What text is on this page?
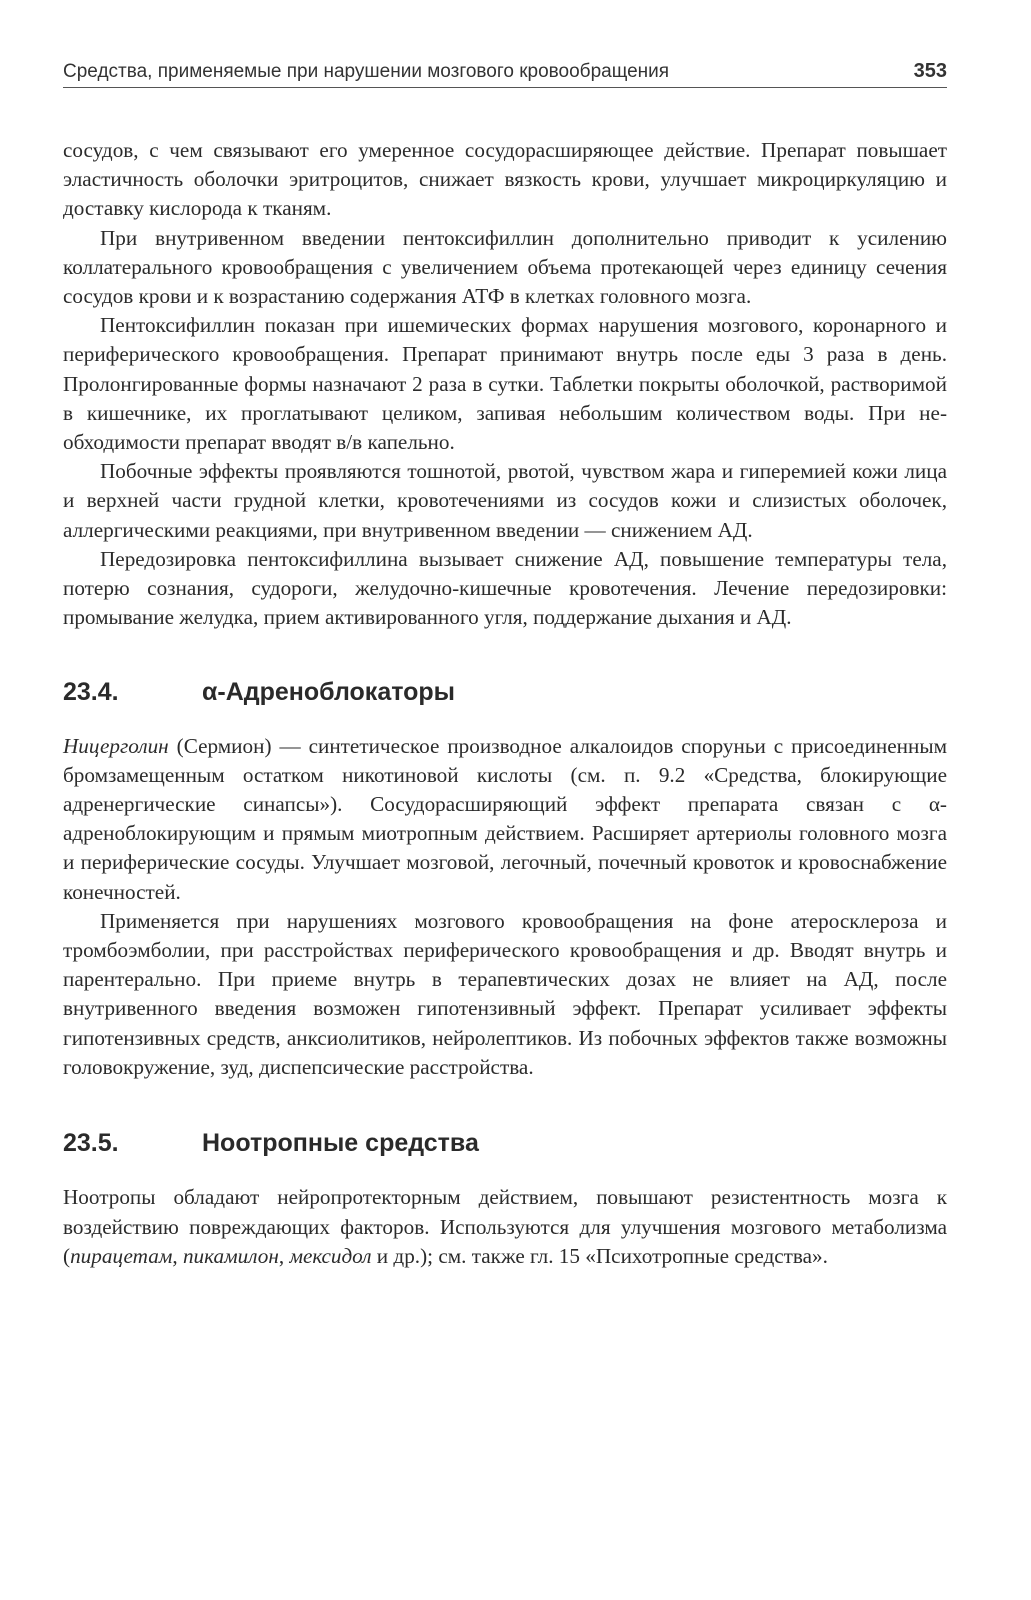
Средства, применяемые при нарушении мозгового кровообращения	353

сосудов, с чем связывают его умеренное сосудорасширяющее действие. Препарат повышает эластичность оболочки эритроцитов, снижает вязкость крови, улучшает микроциркуляцию и доставку кислорода к тканям.

При внутривенном введении пентоксифиллин дополнительно приводит к усилению коллатерального кровообращения с увеличением объема протекающей через единицу сечения сосудов крови и к возрастанию содержания АТФ в клетках головного мозга.

Пентоксифиллин показан при ишемических формах нарушения мозгового, коронарного и периферического кровообращения. Препарат принимают внутрь после еды 3 раза в день. Пролонгированные формы назначают 2 раза в сутки. Таблетки покрыты оболочкой, растворимой в кишечнике, их проглатывают целиком, запивая небольшим количеством воды. При необходимости препарат вводят в/в капельно.

Побочные эффекты проявляются тошнотой, рвотой, чувством жара и гиперемией кожи лица и верхней части грудной клетки, кровотечениями из сосудов кожи и слизистых оболочек, аллергическими реакциями, при внутривенном введении — снижением АД.

Передозировка пентоксифиллина вызывает снижение АД, повышение температуры тела, потерю сознания, судороги, желудочно-кишечные кровотечения. Лечение передозировки: промывание желудка, прием активированного угля, поддержание дыхания и АД.

23.4.	α-Адреноблокаторы

Ницерголин (Сермион) — синтетическое производное алкалоидов споруньи с присоединенным бромзамещенным остатком никотиновой кислоты (см. п. 9.2 «Средства, блокирующие адренергические синапсы»). Сосудорасширяющий эффект препарата связан с α-адреноблокирующим и прямым миотропным действием. Расширяет артериолы головного мозга и периферические сосуды. Улучшает мозговой, легочный, почечный кровоток и кровоснабжение конечностей.

Применяется при нарушениях мозгового кровообращения на фоне атеросклероза и тромбоэмболии, при расстройствах периферического кровообращения и др. Вводят внутрь и парентерально. При приеме внутрь в терапевтических дозах не влияет на АД, после внутривенного введения возможен гипотензивный эффект. Препарат усиливает эффекты гипотензивных средств, анксиолитиков, нейролептиков. Из побочных эффектов также возможны головокружение, зуд, диспепсические расстройства.

23.5.	Ноотропные средства

Ноотропы обладают нейропротекторным действием, повышают резистентность мозга к воздействию повреждающих факторов. Используются для улучшения мозгового метаболизма (пирацетам, пикамилон, мексидол и др.); см. также гл. 15 «Психотропные средства».
